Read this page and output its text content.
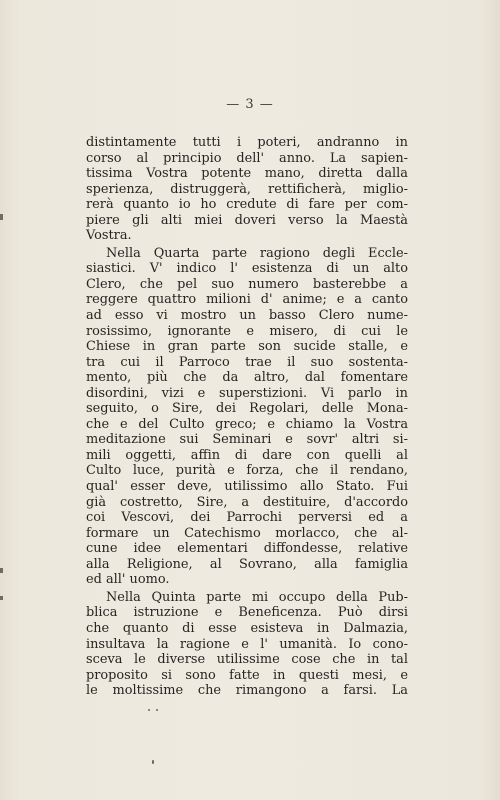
— 3 —
distintamente tutti i poteri, andranno in
corso al principio dell' anno. La sapien-
tissima Vostra potente mano, diretta dalla
sperienza, distruggerà, rettificherà, miglio-
rerà quanto io ho credute di fare per com-
piere gli alti miei doveri verso la Maestà
Vostra.
Nella Quarta parte ragiono degli Eccle-
siastici. V' indico l' esistenza di un alto
Clero, che pel suo numero basterebbe a
reggere quattro milioni d' anime; e a canto
ad esso vi mostro un basso Clero nume-
rosissimo, ignorante e misero, di cui le
Chiese in gran parte son sucide stalle, e
tra cui il Parroco trae il suo sostenta-
mento, più che da altro, dal fomentare
disordini, vizi e superstizioni. Vi parlo in
seguito, o Sire, dei Regolari, delle Mona-
che e del Culto greco; e chiamo la Vostra
meditazione sui Seminari e sovr' altri si-
mili oggetti, affin di dare con quelli al
Culto luce, purità e forza, che il rendano,
qual' esser deve, utilissimo allo Stato. Fui
già costretto, Sire, a destituire, d'accordo
coi Vescovi, dei Parrochi perversi ed a
formare un Catechismo morlacco, che al-
cune idee elementari diffondesse, relative
alla Religione, al Sovrano, alla famiglia
ed all' uomo.
Nella Quinta parte mi occupo della Pub-
blica istruzione e Beneficenza. Può dirsi
che quanto di esse esisteva in Dalmazia,
insultava la ragione e l' umanità. Io cono-
sceva le diverse utilissime cose che in tal
proposito si sono fatte in questi mesi, e
le moltissime che rimangono a farsi. La
